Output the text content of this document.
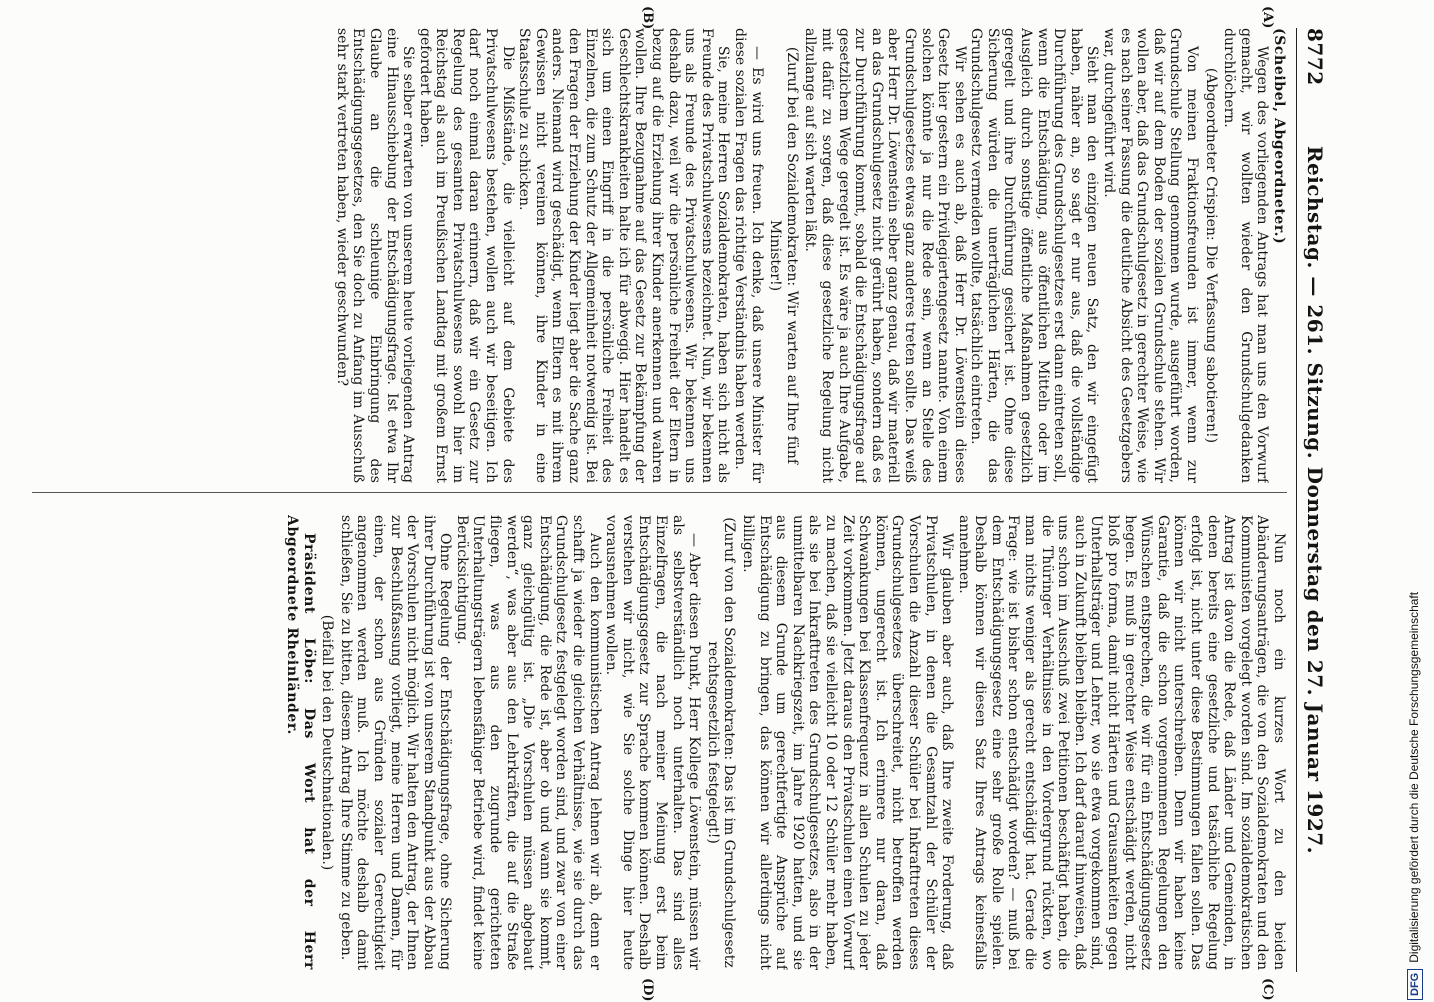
8772
Reichstag. — 261. Sitzung. Donnerstag den 27. Januar 1927.
(A)
(B)
(C)
(D)

(Scheibel, Abgeordneter.)

Wegen des vorliegenden Antrags hat man uns den Vorwurf gemacht, wir wollten wieder den Grundschulgedanken durchlöchern.

(Abgeordneter Crispien: Die Verfassung sabotieren!)

Von meinen Fraktionsfreunden ist immer, wenn zur Grundschule Stellung genommen wurde, ausgeführt worden, daß wir auf dem Boden der sozialen Grundschule stehen. Wir wollen aber, daß das Grundschulgesetz in gerechter Weise, wie es nach seiner Fassung die deutliche Absicht des Gesetzgebers war, durchgeführt wird.

Sieht man den einzigen neuen Satz, den wir eingefügt haben, näher an, so sagt er nur aus, daß die vollständige Durchführung des Grundschulgesetzes erst dann eintreten soll, wenn die Entschädigung, aus öffentlichen Mitteln oder im Ausgleich durch sonstige öffentliche Maßnahmen gesetzlich geregelt und ihre Durchführung gesichert ist. Ohne diese Sicherung würden die unerträglichen Härten, die das Grundschulgesetz vermeiden wollte, tatsächlich eintreten.

Wir sehen es auch ab, daß Herr Dr. Löwenstein dieses Gesetz hier gestern ein Privilegiertengesetz nannte. Von einem solchen könnte ja nur die Rede sein, wenn an Stelle des Grundschulgesetzes etwas ganz anderes treten sollte. Das weiß aber Herr Dr. Löwenstein selber ganz genau, daß wir materiell an das Grundschulgesetz nicht gerührt haben, sondern daß es zur Durchführung kommt, sobald die Entschädigungsfrage auf gesetzlichem Wege geregelt ist. Es wäre ja auch Ihre Aufgabe, mit dafür zu sorgen, daß diese gesetzliche Regelung nicht allzulange auf sich warten läßt.

(Zuruf bei den Sozialdemokraten: Wir warten auf Ihre fünf Minister!)

— Es wird uns freuen. Ich denke, daß unsere Minister für diese sozialen Fragen das richtige Verständnis haben werden.

Sie, meine Herren Sozialdemokraten, haben sich nicht als Freunde des Privatschulwesens bezeichnet. Nun, wir bekennen uns als Freunde des Privatschulwesens. Wir bekennen uns deshalb dazu, weil wir die persönliche Freiheit der Eltern in bezug auf die Erziehung ihrer Kinder anerkennen und wahren wollen. Ihre Bezugnahme auf das Gesetz zur Bekämpfung der Geschlechtskrankheiten halte ich für abwegig. Hier handelt es sich um einen Eingriff in die persönliche Freiheit des Einzelnen, die zum Schutz der Allgemeinheit notwendig ist. Bei den Fragen der Erziehung der Kinder liegt aber die Sache ganz anders. Niemand wird geschädigt, wenn Eltern es mit ihrem Gewissen nicht vereinen können, ihre Kinder in eine Staatsschule zu schicken.

Die Mißstände, die vielleicht auf dem Gebiete des Privatschulwesens bestehen, wollen auch wir beseitigen. Ich darf noch einmal daran erinnern, daß wir ein Gesetz zur Regelung des gesamten Privatschulwesens sowohl hier im Reichstag als auch im Preußischen Landtag mit großem Ernst gefordert haben.

Sie selber erwarten von unserem heute vorliegenden Antrag eine Hinausschiebung der Entschädigungsfrage. Ist etwa Ihr Glaube an die schleunige Einbringung des Entschädigungsgesetzes, den Sie doch zu Anfang im Ausschuß sehr stark vertreten haben, wieder geschwunden?

Nun noch ein kurzes Wort zu den beiden Abänderungsanträgen, die von den Sozialdemokraten und den Kommunisten vorgelegt worden sind. Im sozialdemokratischen Antrag ist davon die Rede, daß Länder und Gemeinden, in denen bereits eine gesetzliche und tatsächliche Regelung erfolgt ist, nicht unter diese Bestimmungen fallen sollen. Das können wir nicht unterschreiben. Denn wir haben keine Garantie, daß die schon vorgenommenen Regelungen den Wünschen entsprechen, die wir für ein Entschädigungsgesetz hegen. Es muß in gerechter Weise entschädigt werden, nicht bloß pro forma, damit nicht Härten und Grausamkeiten gegen Unterhaltsträger und Lehrer, wo sie etwa vorgekommen sind, auch in Zukunft bleiben bleiben. Ich darf darauf hinweisen, daß uns schon im Ausschuß zwei Petitionen beschäftigt haben, die die Thüringer Verhältnisse in den Vordergrund rückten, wo man nichts weniger als gerecht entschädigt hat. Gerade die Frage: wie ist bisher schon entschädigt worden? — muß bei dem Entschädigungsgesetz eine sehr große Rolle spielen. Deshalb können wir diesen Satz Ihres Antrags keinesfalls annehmen.

Wir glauben aber auch, daß Ihre zweite Forderung, daß Privatschulen, in denen die Gesamtzahl der Schüler der Vorschulen die Anzahl dieser Schüler bei Inkrafttreten dieses Grundschulgesetzes überschreitet, nicht betroffen werden können, ungerecht ist. Ich erinnere nur daran, daß Schwankungen bei Klassenfrequenz in allen Schulen zu jeder Zeit vorkommen. Jetzt daraus den Privatschulen einen Vorwurf zu machen, daß sie vielleicht 10 oder 12 Schüler mehr haben, als sie bei Inkrafttreten des Grundschulgesetzes, also in der unmittelbaren Nachkriegszeit, im Jahre 1920 hatten, und sie aus diesem Grunde um gerechtfertigte Ansprüche auf Entschädigung zu bringen, das können wir allerdings nicht billigen.

(Zuruf von den Sozialdemokraten: Das ist im Grundschulgesetz rechtsgesetzlich festgelegt!)

— Aber diesen Punkt, Herr Kollege Löwenstein, müssen wir als selbstverständlich noch unterhalten. Das sind alles Einzelfragen, die nach meiner Meinung erst beim Entschädigungsgesetz zur Sprache kommen können. Deshalb verstehen wir nicht, wie Sie solche Dinge hier heute vorausnehmen wollen.

Auch den kommunistischen Antrag lehnen wir ab, denn er schafft ja wieder die gleichen Verhältnisse, wie sie durch das Grundschulgesetz festgelegt worden sind, und zwar von einer Entschädigung, die Rede ist, aber ob und wann sie kommt, ganz gleichgültig ist. „Die Vorschulen müssen abgebaut werden“, was aber aus den Lehrkräften, die auf die Straße fliegen, was aus den zugrunde gerichteten Unterhaltungsträgern lebensfähiger Betriebe wird, findet keine Berücksichtigung.

Ohne Regelung der Entschädigungsfrage, ohne Sicherung ihrer Durchführung ist von unserem Standpunkt aus der Abbau der Vorschulen nicht möglich. Wir halten den Antrag, der Ihnen zur Beschlußfassung vorliegt, meine Herren und Damen, für einen, der schon aus Gründen sozialer Gerechtigkeit angenommen werden muß. Ich möchte deshalb damit schließen, Sie zu bitten, diesem Antrag Ihre Stimme zu geben.

(Beifall bei den Deutschnationalen.)

Präsident Löbe: Das Wort hat der Herr Abgeordnete Rheinländer.

DFGDigitalisierung gefördert durch die Deutsche Forschungsgemeinschaft
